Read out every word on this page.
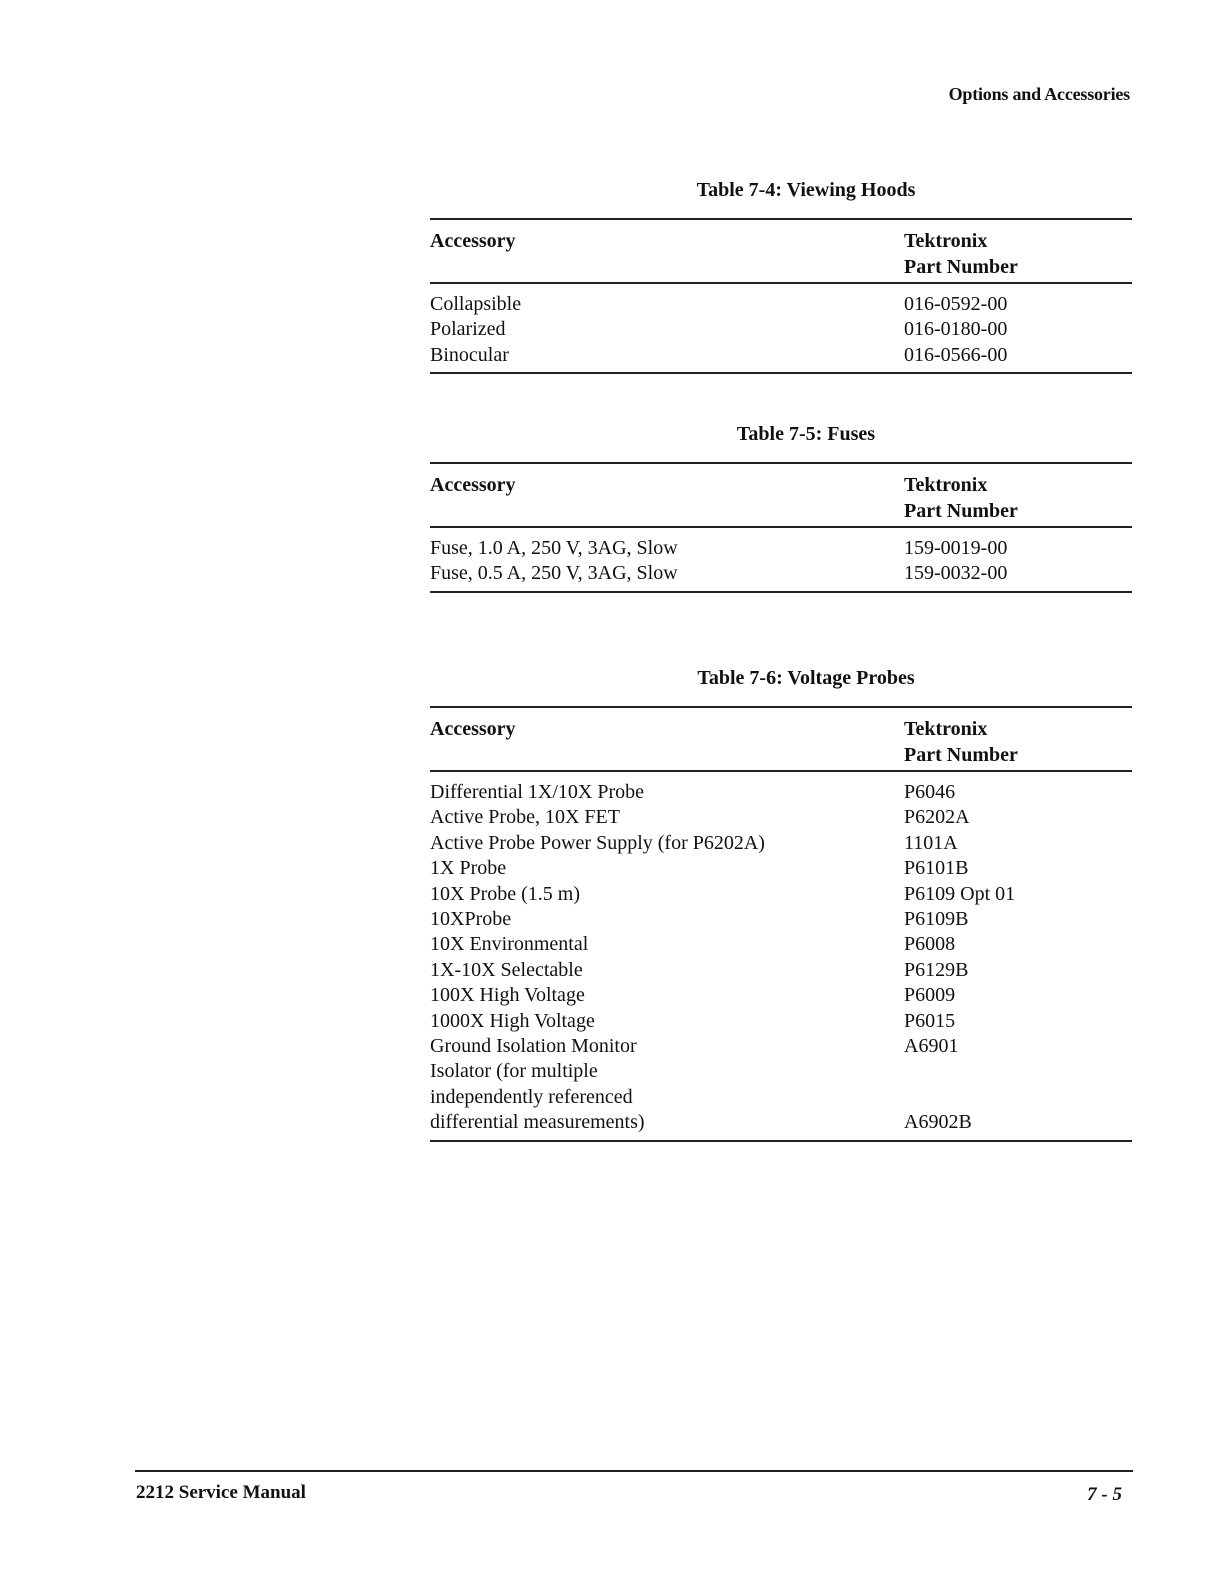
Options and Accessories
Table 7-4: Viewing Hoods
Accessory	Tektronix
Part Number
Collapsible	016-0592-00
Polarized	016-0180-00
Binocular	016-0566-00
Table 7-5: Fuses
Accessory	Tektronix
Part Number
Fuse, 1.0 A, 250 V, 3AG, Slow	159-0019-00
Fuse, 0.5 A, 250 V, 3AG, Slow	159-0032-00
Table 7-6: Voltage Probes
Accessory	Tektronix
Part Number
Differential 1X/10X Probe	P6046
Active Probe, 10X FET	P6202A
Active Probe Power Supply (for P6202A)	1101A
1X Probe	P6101B
10X Probe (1.5 m)	P6109 Opt 01
10XProbe	P6109B
10X Environmental	P6008
1X-10X Selectable	P6129B
100X High Voltage	P6009
1000X High Voltage	P6015
Ground Isolation Monitor	A6901
Isolator (for multiple
independently referenced
differential measurements)	A6902B
2212 Service Manual	7 - 5
